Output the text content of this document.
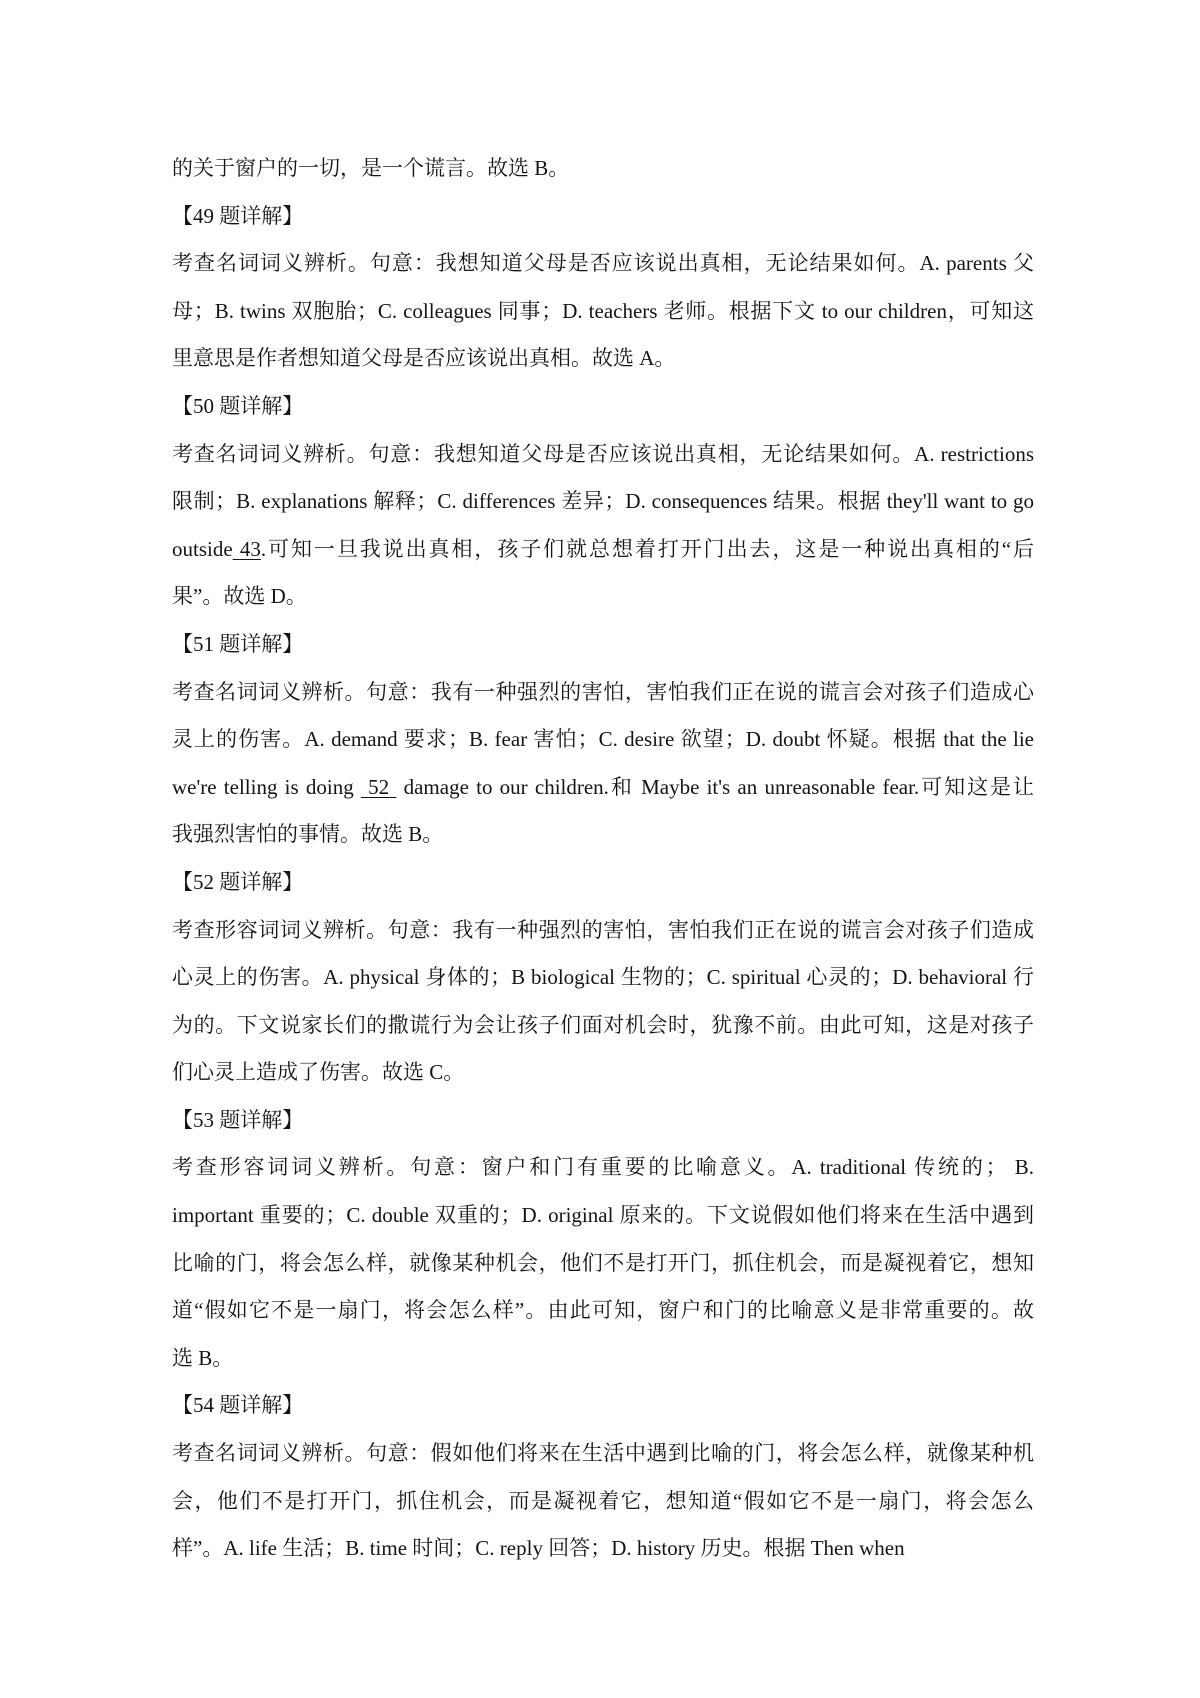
的关于窗户的一切，是一个谎言。故选 B。
【49 题详解】
考查名词词义辨析。句意：我想知道父母是否应该说出真相，无论结果如何。A. parents 父
母；B. twins 双胞胎；C. colleagues 同事；D. teachers 老师。根据下文 to our children，可知这
里意思是作者想知道父母是否应该说出真相。故选 A。
【50 题详解】
考查名词词义辨析。句意：我想知道父母是否应该说出真相，无论结果如何。A. restrictions
限制；B. explanations 解释；C. differences 差异；D. consequences 结果。根据 they'll want to go
outside 43.可知一旦我说出真相，孩子们就总想着打开门出去，这是一种说出真相的“后
果”。故选 D。
【51 题详解】
考查名词词义辨析。句意：我有一种强烈的害怕，害怕我们正在说的谎言会对孩子们造成心
灵上的伤害。A. demand 要求；B. fear 害怕；C. desire 欲望；D. doubt 怀疑。根据 that the lie
we're telling is doing 52 damage to our children.和 Maybe it's an unreasonable fear.可知这是让
我强烈害怕的事情。故选 B。
【52 题详解】
考查形容词词义辨析。句意：我有一种强烈的害怕，害怕我们正在说的谎言会对孩子们造成
心灵上的伤害。A. physical 身体的；B biological 生物的；C. spiritual 心灵的；D. behavioral 行
为的。下文说家长们的撒谎行为会让孩子们面对机会时，犹豫不前。由此可知，这是对孩子
们心灵上造成了伤害。故选 C。
【53 题详解】
考查形容词词义辨析。句意：窗户和门有重要的比喻意义。A. traditional 传统的； B.
important 重要的；C. double 双重的；D. original 原来的。下文说假如他们将来在生活中遇到
比喻的门，将会怎么样，就像某种机会，他们不是打开门，抓住机会，而是凝视着它，想知
道“假如它不是一扇门，将会怎么样”。由此可知，窗户和门的比喻意义是非常重要的。故
选 B。
【54 题详解】
考查名词词义辨析。句意：假如他们将来在生活中遇到比喻的门，将会怎么样，就像某种机
会，他们不是打开门，抓住机会，而是凝视着它，想知道“假如它不是一扇门，将会怎么
样”。A. life 生活；B. time 时间；C. reply 回答；D. history 历史。根据 Then when
